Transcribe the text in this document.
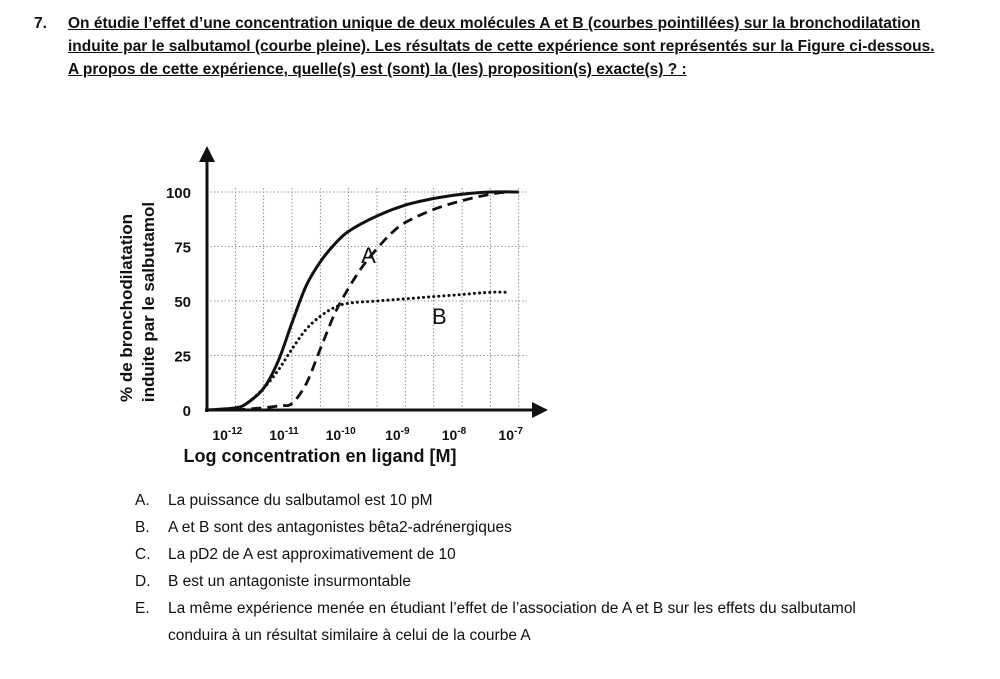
7. On étudie l’effet d’une concentration unique de deux molécules A et B (courbes pointillées) sur la bronchodilatation induite par le salbutamol (courbe pleine). Les résultats de cette expérience sont représentés sur la Figure ci-dessous. A propos de cette expérience, quelle(s) est (sont) la (les) proposition(s) exacte(s) ? :
0
25
50
75
100
$10^{-12}$ $10^{-11}$ $10^{-10}$ $10^{-9}$ $10^{-8}$ $10^{-7}$
Log concentration en ligand [M]
% de bronchodilatation induite par le salbutamol	A
B
A. La puissance du salbutamol est 10 pM
B. A et B sont des antagonistes bêta2-adrénergiques
C. La pD2 de A est approximativement de 10
D. B est un antagoniste insurmontable
E. La même expérience menée en étudiant l’effet de l’association de A et B sur les effets du salbutamol conduira à un résultat similaire à celui de la courbe A
